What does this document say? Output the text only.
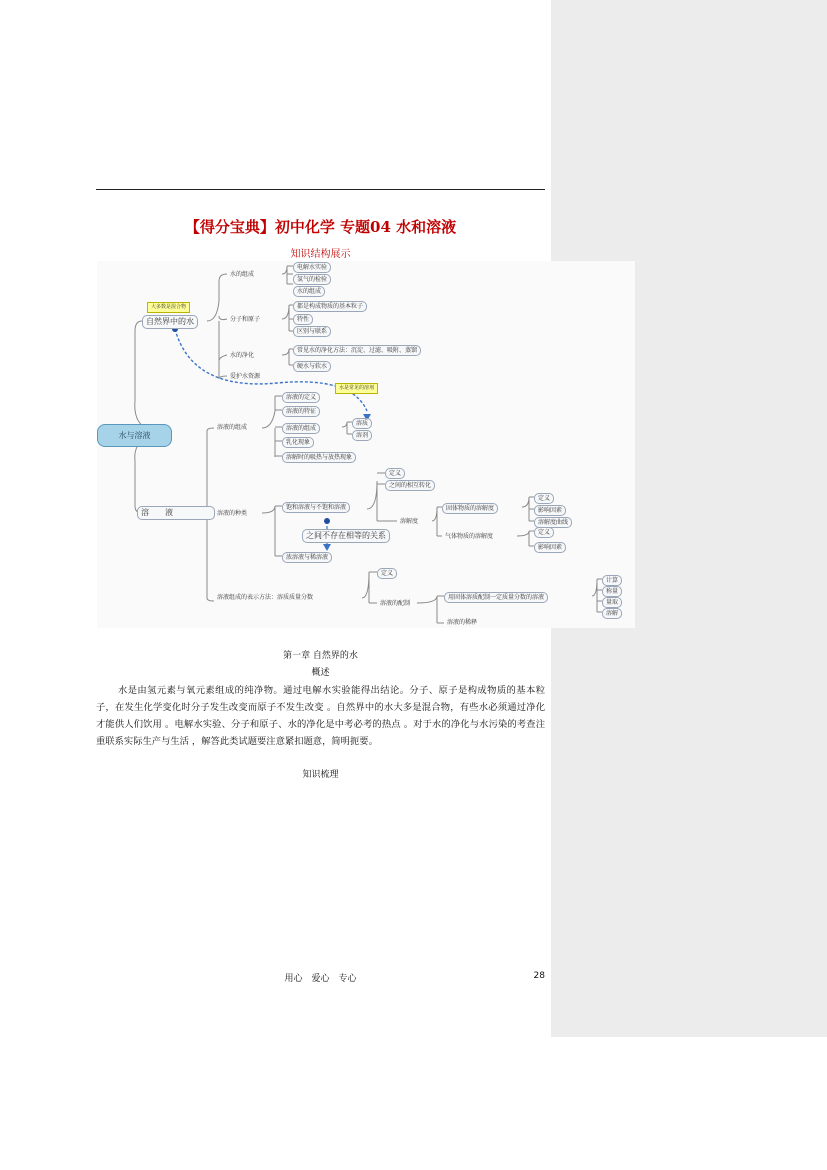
【得分宝典】初中化学 专题04 水和溶液
知识结构展示
大多数是混合物
自然界中的水
水的组成
分子和原子
水的净化
爱护水资源
电解水实验
氢气的检验
水的组成
都是构成物质的基本粒子
特性
区别与联系
常见水的净化方法：沉淀、过滤、吸附、蒸馏
硬水与软水
水与溶液
水是常见的溶剂
溶　　液
溶液的组成
溶液的种类
溶液组成的表示方法：溶质质量分数
溶液的定义
溶液的特征
溶液的组成
乳化现象
溶解时的吸热与放热现象
溶质
溶剂
饱和溶液与不饱和溶液
之间不存在相等的关系
浓溶液与稀溶液
定义
之间的相互转化
溶解度
固体物质的溶解度
气体物质的溶解度
定义
影响因素
溶解度曲线
定义
影响因素
定义
溶液的配制
用固体溶质配制一定质量分数的溶液
溶液的稀释
计算
称量
量取
溶解
第一章 自然界的水
概述
水是由氢元素与氧元素组成的纯净物。通过电解水实验能得出结论。分子、原子是构成物质的基本粒子，在发生化学变化时分子发生改变而原子不发生改变 。自然界中的水大多是混合物，有些水必须通过净化才能供人们饮用 。电解水实验、分子和原子、水的净化是中考必考的热点 。对于水的净化与水污染的考查注重联系实际生产与生活 ，解答此类试题要注意紧扣题意，简明扼要。
知识梳理
用心　爱心　专心	28
